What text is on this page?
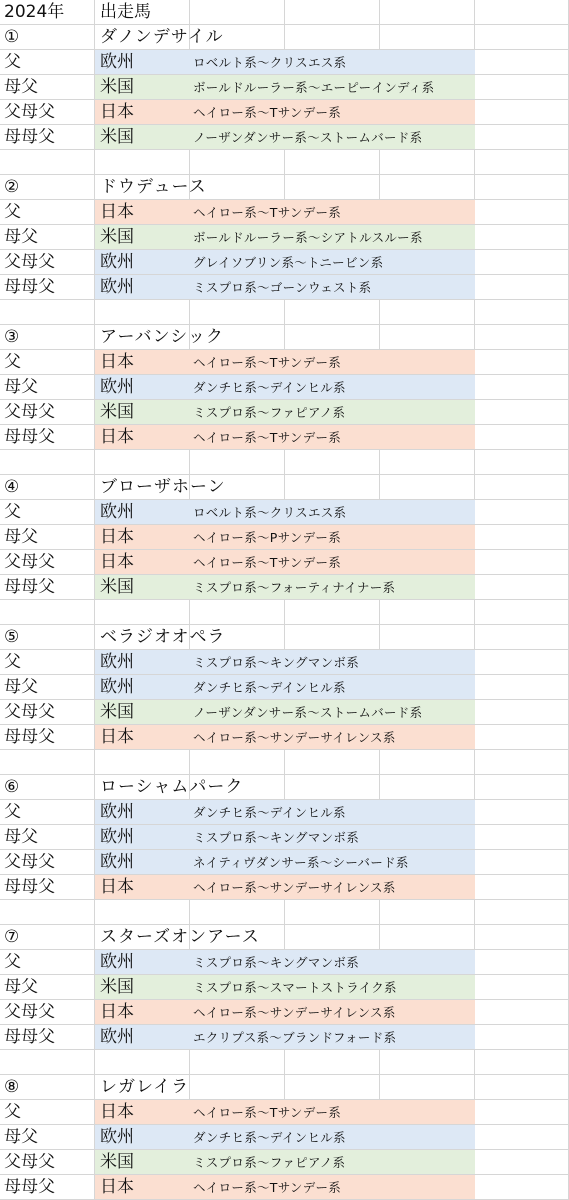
2024年 出走馬
①	ダノンデサイル
父	欧州	ロベルト系～クリスエス系
母父	米国	ボールドルーラー系～エーピーインディ系
父母父	日本	ヘイロー系～Tサンデー系
母母父	米国	ノーザンダンサー系～ストームバード系
②	ドウデュース
父	日本	ヘイロー系～Tサンデー系
母父	米国	ボールドルーラー系～シアトルスルー系
父母父	欧州	グレイソブリン系～トニービン系
母母父	欧州	ミスプロ系～ゴーンウェスト系
③	アーバンシック
父	日本	ヘイロー系～Tサンデー系
母父	欧州	ダンチヒ系～デインヒル系
父母父	米国	ミスプロ系～ファピアノ系
母母父	日本	ヘイロー系～Tサンデー系
④	ブローザホーン
父	欧州	ロベルト系～クリスエス系
母父	日本	ヘイロー系～Pサンデー系
父母父	日本	ヘイロー系～Tサンデー系
母母父	米国	ミスプロ系～フォーティナイナー系
⑤	ベラジオオペラ
父	欧州	ミスプロ系～キングマンボ系
母父	欧州	ダンチヒ系～デインヒル系
父母父	米国	ノーザンダンサー系～ストームバード系
母母父	日本	ヘイロー系～サンデーサイレンス系
⑥	ローシャムパーク
父	欧州	ダンチヒ系～デインヒル系
母父	欧州	ミスプロ系～キングマンボ系
父母父	欧州	ネイティヴダンサー系～シーバード系
母母父	日本	ヘイロー系～サンデーサイレンス系
⑦	スターズオンアース
父	欧州	ミスプロ系～キングマンボ系
母父	米国	ミスプロ系～スマートストライク系
父母父	日本	ヘイロー系～サンデーサイレンス系
母母父	欧州	エクリプス系～ブランドフォード系
⑧	レガレイラ
父	日本	ヘイロー系～Tサンデー系
母父	欧州	ダンチヒ系～デインヒル系
父母父	米国	ミスプロ系～ファピアノ系
母母父	日本	ヘイロー系～Tサンデー系
